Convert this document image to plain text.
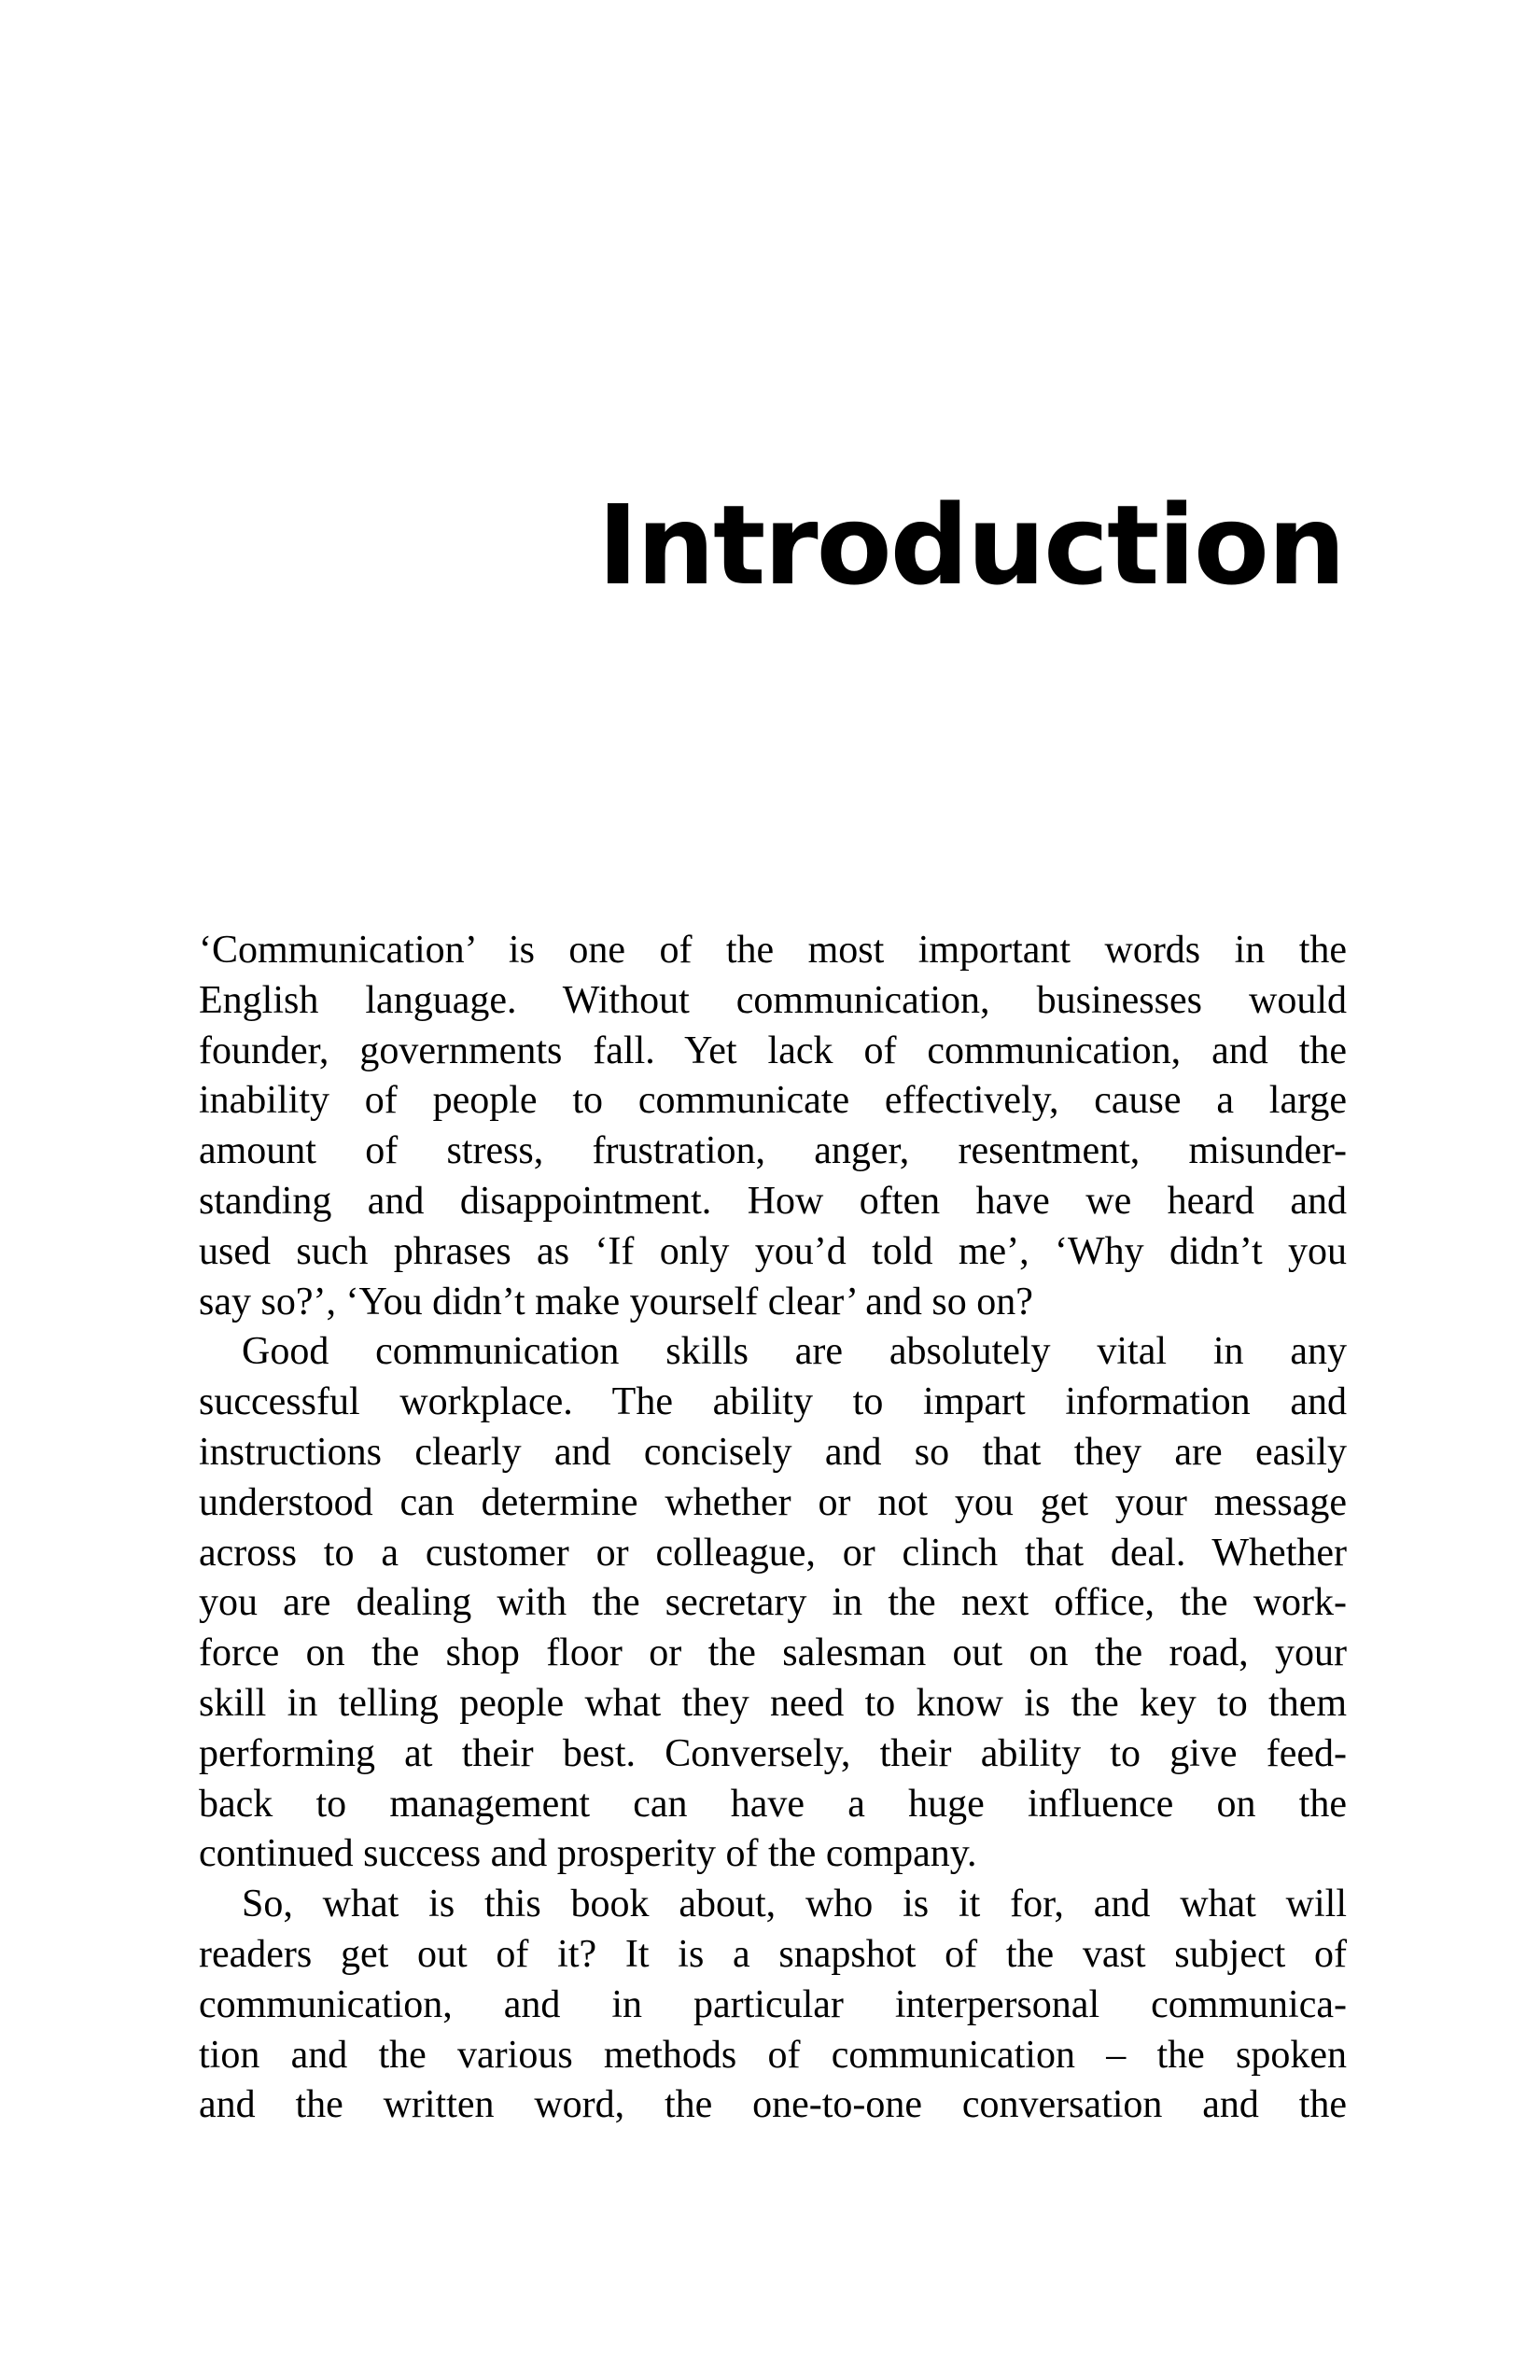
Introduction
‘Communication’ is one of the most important words in the
English language. Without communication, businesses would
founder, governments fall. Yet lack of communication, and the
inability of people to communicate effectively, cause a large
amount of stress, frustration, anger, resentment, misunder-
standing and disappointment. How often have we heard and
used such phrases as ‘If only you’d told me’, ‘Why didn’t you
say so?’, ‘You didn’t make yourself clear’ and so on?
Good communication skills are absolutely vital in any
successful workplace. The ability to impart information and
instructions clearly and concisely and so that they are easily
understood can determine whether or not you get your message
across to a customer or colleague, or clinch that deal. Whether
you are dealing with the secretary in the next office, the work-
force on the shop floor or the salesman out on the road, your
skill in telling people what they need to know is the key to them
performing at their best. Conversely, their ability to give feed-
back to management can have a huge influence on the
continued success and prosperity of the company.
So, what is this book about, who is it for, and what will
readers get out of it? It is a snapshot of the vast subject of
communication, and in particular interpersonal communica-
tion and the various methods of communication – the spoken
and the written word, the one-to-one conversation and the
